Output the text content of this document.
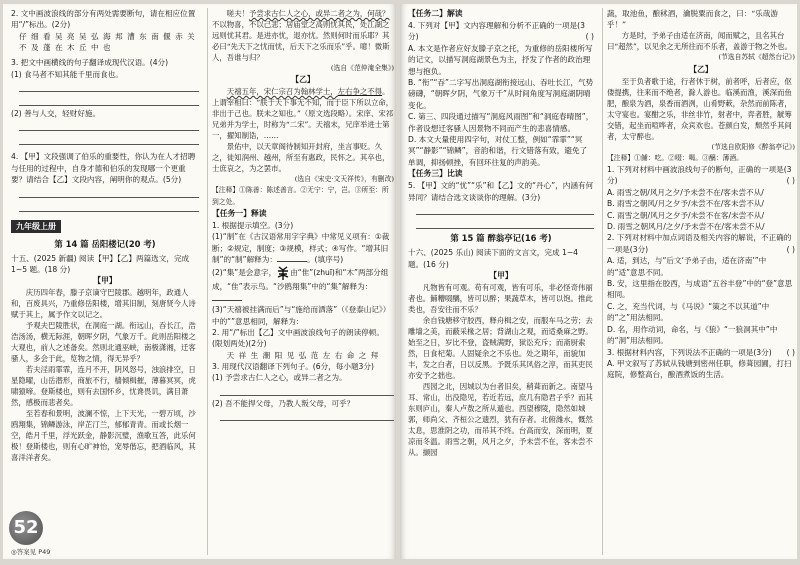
2. 文中画波浪线的部分有两处需要断句，请在相应位置用“/”标出。(2分)

仔 细 看 吴 亮 吴 弘 海 邦 漕 东 南 偃 赤 关 不 及 蓬 在 木 丘 中 也

3. 把文中画横线的句子翻译成现代汉语。(4分)

(1) 食马者不知其能千里而食也。

(2) 善与人交，轻财好施。

4. 【甲】文段强调了伯乐的重要性，你认为在人才招聘与任用的过程中，自身才德和伯乐的发现哪一个更重要？请结合【乙】文段内容，阐明你的观点。(5分)

九年级上册

第 14 篇 岳阳楼记(20 考)

十五、(2025 新疆) 阅读【甲】【乙】两篇选文，完成 1~5 题。(18 分)

【甲】

庆历四年春，滕子京谪守巴陵郡。越明年，政通人和，百废具兴，乃重修岳阳楼，增其旧制，刻唐贤今人诗赋于其上，属予作文以记之。

予观夫巴陵胜状，在洞庭一湖。衔远山，吞长江，浩浩汤汤，横无际涯，朝晖夕阴，气象万千。此则岳阳楼之大观也，前人之述备矣。然则北通巫峡，南极潇湘，迁客骚人，多会于此，览物之情，得无异乎？

若夫淫雨霏霏，连月不开，阴风怒号，浊浪排空，日星隐曜，山岳潜形，商旅不行，樯倾楫摧，薄暮冥冥，虎啸猿啼。登斯楼也，则有去国怀乡，忧谗畏讥，满目萧然，感极而悲者矣。

至若春和景明，波澜不惊，上下天光，一碧万顷，沙鸥翔集，锦鳞游泳，岸芷汀兰，郁郁青青。而或长烟一空，皓月千里，浮光跃金，静影沉璧，渔歌互答，此乐何极！登斯楼也，则有心旷神怡，宠辱偕忘，把酒临风，其喜洋洋者矣。

52
◎答案见 P49

嗟夫！予尝求古仁人之心，或异二者之为，何哉？不以物喜，不以己悲；居庙堂之高则忧其民，处江湖之远则忧其君。是进亦忧，退亦忧。然则何时而乐耶？其必曰“先天下之忧而忧，后天下之乐而乐”乎。噫！微斯人，吾谁与归？

(选自《范仲淹全集》)

【乙】

天禧五年，宋仁宗召为翰林学士，左右争之不得。上谓宰相曰：“朕于天下事无不知，而于臣下所以立命，非出于己也。朕未之知也。”（原文选段略）。宋庠、宋祁兄弟并为学士，时称为“二宋”。天禧末，兄庠举进士第一，擢知制诰，……

景佑中，以天章阁待制知开封府，坐言事贬。久之，徙知润州、越州，所至有惠政，民怀之。其卒也，士庶哀之，为之罢市。

(选自《宋史·文天祥传》，有删改)

【注释】①陈善：陈述善言。②无宁：宁，岂。③所至：所到之处。

【任务一】释读

1. 根据提示填空。(3分)

(1)“制”在《古汉语常用字字典》中常见义项有：①裁断；②规定，制度；③规模，样式；④写作。“增其旧制”的“制”解释为：	。(填序号)

(2)“集”是会意字， 由“隹”(zhuī)和“木”两部分组成，“隹”表示鸟。“沙鸥翔集”中的“集”解释为：

(3)“天禧被挂满而后”与“施给而洒落”（《登泰山记》）中的“”意思相同，解释为：

2. 用“/”标出【乙】文中画波浪线句子的朗读停顿。(限划两处)(2分)

天 祥 生 潮 阳 见 弘 范 左 右 命 之 拜

3. 用现代汉语翻译下列句子。(6分，每小题3分)

(1) 予尝求古仁人之心，或异二者之为。

(2) 吾不能捍父母，乃教人叛父母，可乎？

【任务二】解读

4. 下列对【甲】文内容理解和分析不正确的一项是(3分)	( )

A. 本文是作者应好友滕子京之托，为重修的岳阳楼所写的记文，以描写洞庭湖景色为主，抒发了作者的政治理想与抱负。

B. “衔”“吞”二字写出洞庭湖衔接远山、吞吐长江，气势磅礴，“朝晖夕阴，气象万千”从时间角度写洞庭湖阴晴变化。

C. 第三、四段通过描写“洞庭风雨图”和“洞庭春晴图”，作者设想迁客骚人因景物不同而产生的悲喜情感。

D. 本文大量使用四字句，对仗工整，例如“霏霏”“冥冥”“静影”“锦鳞”，音韵和谐，行文错落有致，避免了单调，抑扬顿挫，有回环往复的声韵美。

【任务三】比读

5. 【甲】文的“忧”“乐”和【乙】文的“丹心”，内涵有何异同？请结合选文谈谈你的理解。(3分)

第 15 篇 醉翁亭记(16 考)

十六、(2025 乐山) 阅读下面的文言文，完成 1~4 题。(16 分)

【甲】

凡物皆有可观。苟有可观，皆有可乐，非必怪奇伟丽者也。餔糟啜醨，皆可以醉；果蔬草木，皆可以饱。推此类也，吾安往而不乐？

余自钱塘移守胶西，释舟楫之安，而服车马之劳；去雕墙之美，而蔽采椽之居；背湖山之观，而适桑麻之野。始至之日，岁比不登，盗贼满野，狱讼充斥；而斋厨索然，日食杞菊。人固疑余之不乐也。处之期年，而貌加丰，发之白者，日以反黑。予既乐其风俗之淳，而其吏民亦安予之拙也。

西园之北，因城以为台者旧矣，稍葺而新之。南望马耳、常山，出没隐见，若近若远，庶几有隐君子乎？而其东则庐山，秦人卢敖之所从遁也。西望穆陵，隐然如城郭，师尚父、齐桓公之遗烈，犹有存者。北俯潍水，慨然太息，思淮阴之功，而吊其不终。台高而安，深而明，夏凉而冬温。雨雪之朝，风月之夕，予未尝不在，客未尝不从。撷园

蔬，取池鱼，酿秫酒，瀹脱粟而食之，曰：“乐哉游乎！”

方是时，予弟子由适在济南，闻而赋之，且名其台曰“超然”，以见余之无所往而不乐者，盖游于物之外也。

(节选自苏轼《超然台记》)

【乙】

至于负者歌于途，行者休于树，前者呼，后者应，伛偻提携，往来而不绝者，滁人游也。临溪而渔，溪深而鱼肥，酿泉为酒，泉香而酒洌，山肴野蔌，杂然而前陈者，太守宴也。宴酣之乐，非丝非竹，射者中，弈者胜，觥筹交错，起坐而喧哗者，众宾欢也。苍颜白发，颓然乎其间者，太守醉也。

(节选自欧阳修《醉翁亭记》)

【注释】①餔：吃。②啜：喝。③醨：薄酒。

1. 下列对材料中画波浪线句子的断句，正确的一项是(3分)	( )

A. 雨雪之朝/风月之夕/予未尝不在/客未尝不从/

B. 雨雪之朝风/月之夕予/未尝不在/客未尝不从/

C. 雨雪之朝/风月之夕予/未尝不在客/未尝不从/

D. 雨雪之朝风月/之夕/予未尝不在/客未尝不从/

2. 下列对材料中加点词语及相关内容的解说，不正确的一项是(3分)	( )

A. 适，到达，与“后文‘予弟子由，适在济南’”中的“适”意思不同。

B. 安，这里指在胶西，与成语“五谷丰登”中的“登”意思相同。

C. 之，充当代词，与《马说》“策之不以其道”中的“之”用法相同。

D. 名，用作动词，命名，与《狼》“一狼洞其中”中的“洞”用法相同。

3. 根据材料内容，下列说法不正确的一项是(3分) ( )

A. 甲文叙写了苏轼从钱塘到密州任职，修葺园圃，打扫庭院，修整高台，酿酒煮饭的生活。
